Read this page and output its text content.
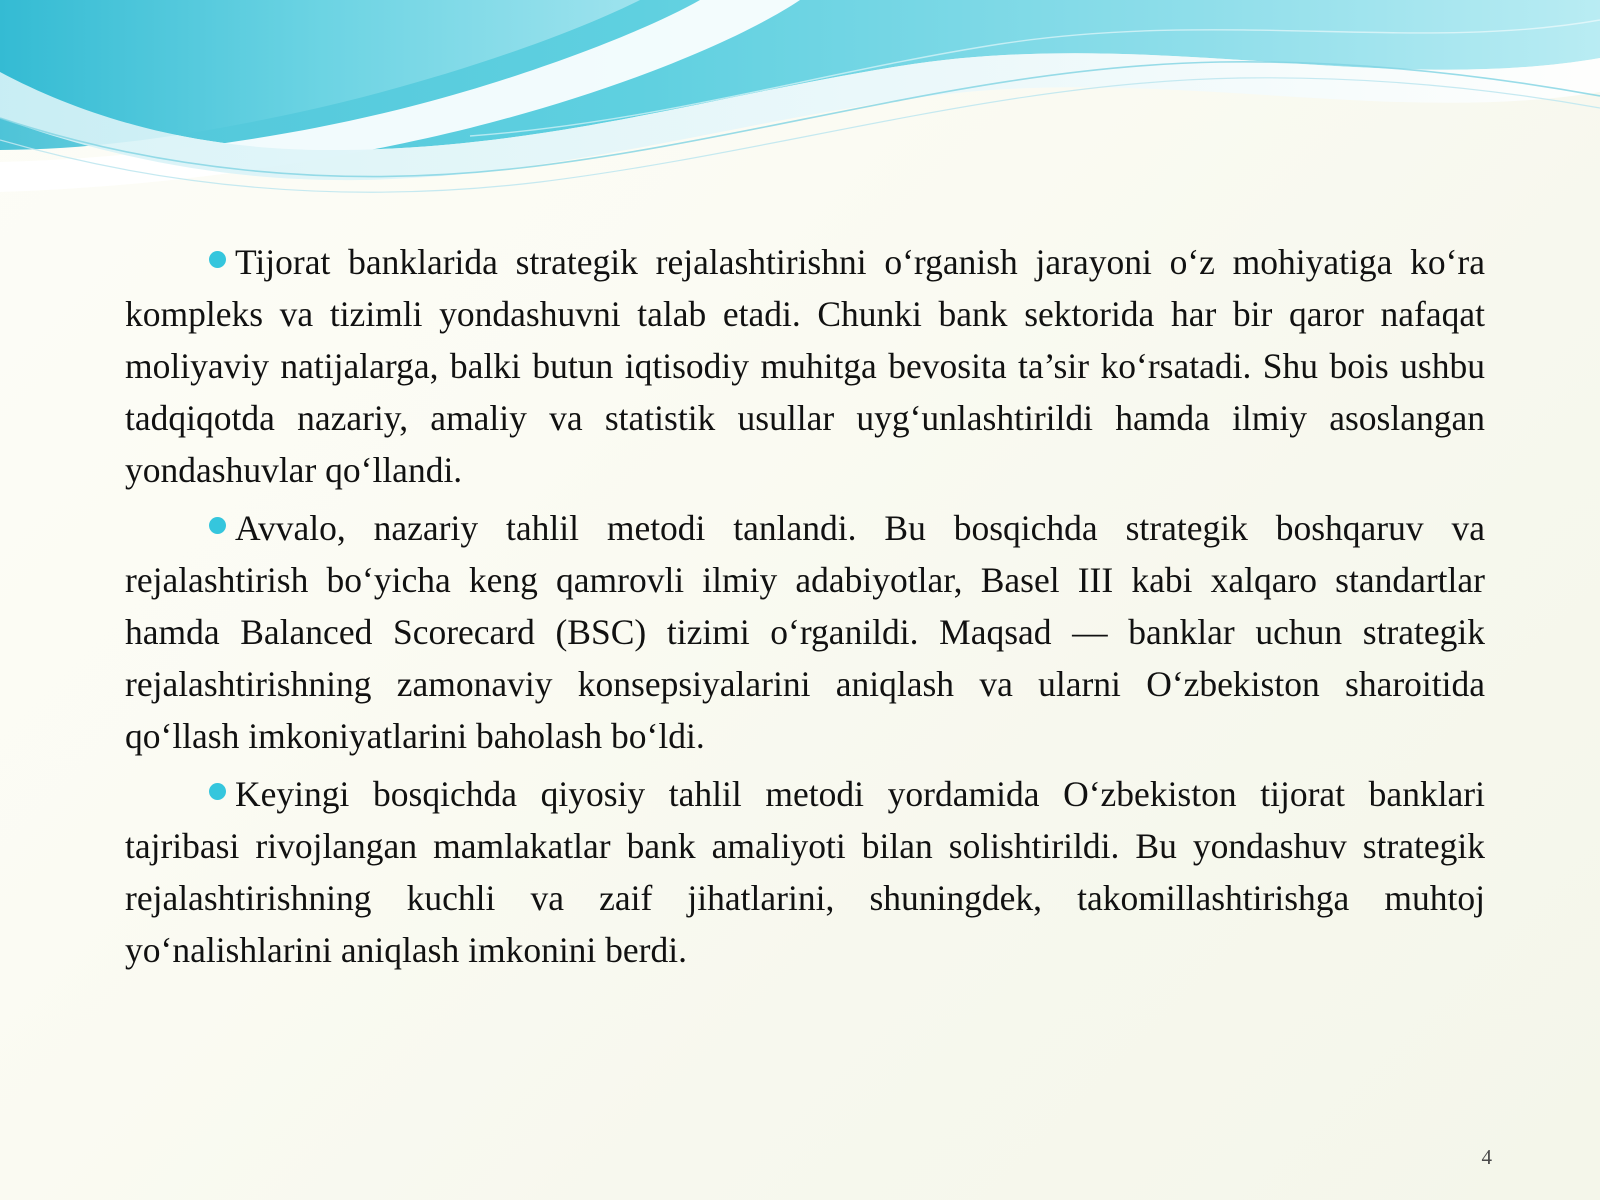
Tijorat banklarida strategik rejalashtirishni o‘rganish jarayoni o‘z mohiyatiga ko‘ra kompleks va tizimli yondashuvni talab etadi. Chunki bank sektorida har bir qaror nafaqat moliyaviy natijalarga, balki butun iqtisodiy muhitga bevosita ta’sir ko‘rsatadi. Shu bois ushbu tadqiqotda nazariy, amaliy va statistik usullar uyg‘unlashtirildi hamda ilmiy asoslangan yondashuvlar qo‘llandi.

Avvalo, nazariy tahlil metodi tanlandi. Bu bosqichda strategik boshqaruv va rejalashtirish bo‘yicha keng qamrovli ilmiy adabiyotlar, Basel III kabi xalqaro standartlar hamda Balanced Scorecard (BSC) tizimi o‘rganildi. Maqsad — banklar uchun strategik rejalashtirishning zamonaviy konsepsiyalarini aniqlash va ularni O‘zbekiston sharoitida qo‘llash imkoniyatlarini baholash bo‘ldi.

Keyingi bosqichda qiyosiy tahlil metodi yordamida O‘zbekiston tijorat banklari tajribasi rivojlangan mamlakatlar bank amaliyoti bilan solishtirildi. Bu yondashuv strategik rejalashtirishning kuchli va zaif jihatlarini, shuningdek, takomillashtirishga muhtoj yo‘nalishlarini aniqlash imkonini berdi.

4
